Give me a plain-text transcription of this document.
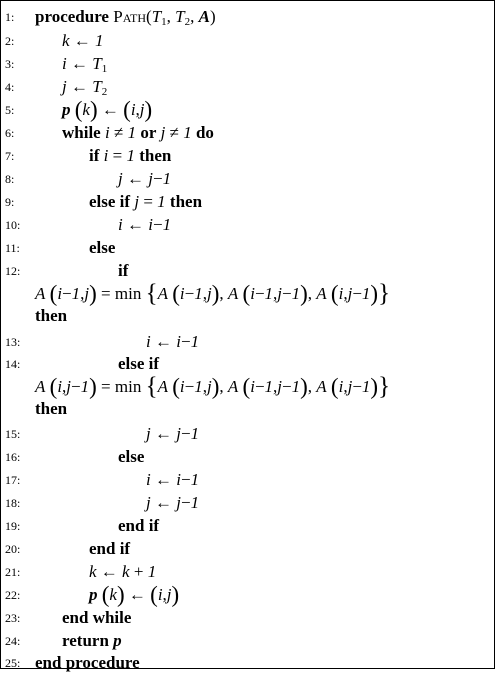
1:	procedure $Path(T_1$, $T_2$, A)
2:	k ← 1
3:	i ← $T_1$
4:	j ← $T_2$
5:	p (k) ← (i,j)
6:	while i ≠ 1 or j ≠ 1 do
7:	if i = 1 then
8:	j ← j−1
9:	else if j = 1 then
10:	i ← i−1
11:	else
12:	if
A (i−1,j) = min {A (i−1,j), A (i−1,j−1), A (i,j−1)}
then
13:	i ← i−1
14:	else if
A (i,j−1) = min {A (i−1,j), A (i−1,j−1), A (i,j−1)}
then
15:	j ← j−1
16:	else
17:	i ← i−1
18:	j ← j−1
19:	end if
20:	end if
21:	k ← k + 1
22:	p (k) ← (i,j)
23:	end while
24:	return p
25: end procedure
